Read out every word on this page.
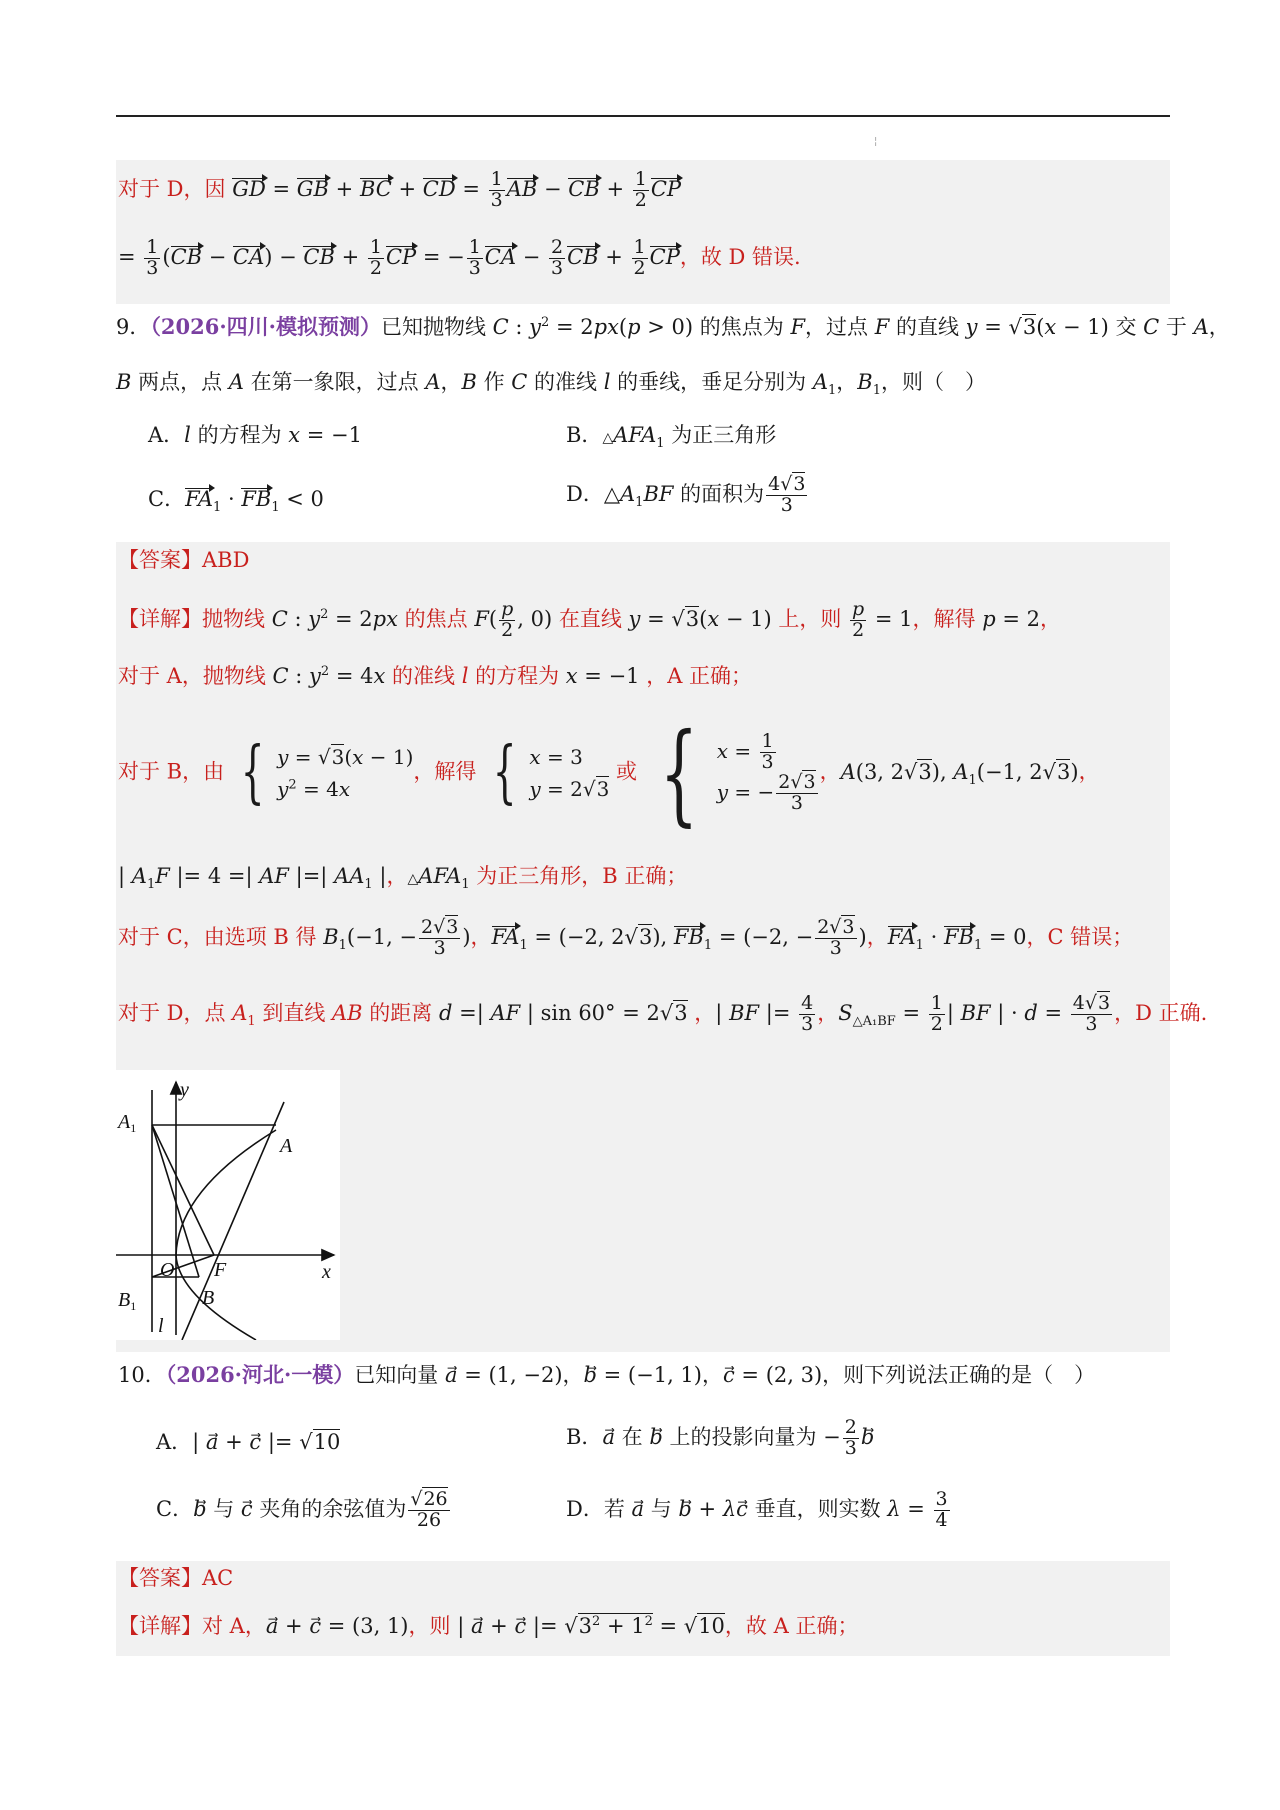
¦
对于 D，因 GD = GB + BC + CD = $\frac{1}{3}$ AB − CB + $\frac{1}{2}$ CP
= $\frac{1}{3} (CB - CA)$ − CB + $\frac{1}{2}$ CP = − $\frac{1}{3}$ CA − $\frac{2}{3}$ CB + $\frac{1}{2}$ CP，故 D 错误.
9．（2026·四川·模拟预测）已知抛物线 C : $y^2 = 2px(p > 0)$ 的焦点为 F，过点 F 的直线 y = √3(x − 1) 交 C 于 A，
B 两点，点 A 在第一象限，过点 A，B 作 C 的准线 l 的垂线，垂足分别为 $A_1$，$B_1$，则（　）
A．l 的方程为 x = −1	B．$\triangle AFA_1$ 为正三角形
C．$FA_1 \cdot FB_1 < 0$	D．$\triangle A_1BF$ 的面积为 $\frac{4√3}{3}$
【答案】ABD
【详解】抛物线 C : $y^2 = 2px$ 的焦点 $F( \frac{p}{2}$ , 0) 在直线 y = √3(x − 1) 上，则 $\frac{p}{2} = 1$，解得 p = 2，
对于 A，抛物线 C : $y^2 = 4x$ 的准线 l 的方程为 x = −1 ，A 正确；
对于 B，由 { y = √3(x − 1)
$y^2 = 4x$
，解得 { x = 3
y = 2√3
或 { $x = \frac{1}{3}$
y = − $\frac{2√3}{3}$
，A(3, 2√3), $A_1(-1$, 2√3)，
| $A_1F$ |= 4 =| AF |=| $AA_1$ |，$\triangle AFA_1$ 为正三角形，B 正确；
对于 C，由选项 B 得 $B_1(-1$, − $\frac{2√3}{3}$ )，$FA_1 = (-2$, 2√3), $FB_1 = (-2$, − $\frac{2√3}{3}$ )，$FA_1 \cdot FB_1 = 0$，C 错误；
对于 D，点 $A_1$ 到直线 AB 的距离 d =| AF | sin 60° = 2√3 ，| BF |= $\frac{4}{3}$ ，$S_{\triangle A_1BF} = \frac{1}{2}$ | BF | · $d = \frac{4√3}{3}$ ，D 正确.
y
x
$A_1$
A
O F
B
$B_1$
l
10．（2026·河北·一模）已知向量 a⃗ = (1, −2)，b⃗ = (−1, 1)，c⃗ = (2, 3)，则下列说法正确的是（　）
A．| a⃗ + c⃗ |= √10	B．a⃗ 在 b⃗ 上的投影向量为 − $\frac{2}{3}$ b
C．b⃗ 与 c⃗ 夹角的余弦值为 $\frac{√26}{26}$	D．若 a⃗ 与 b⃗ + λc⃗ 垂直，则实数 $\lambda = \frac{3}{4}$
【答案】AC
【详解】对 A，a⃗ + c⃗ = (3, 1)，则 | a⃗ + c⃗ |= $√3^2 + 1^2 = √10$，故 A 正确；
